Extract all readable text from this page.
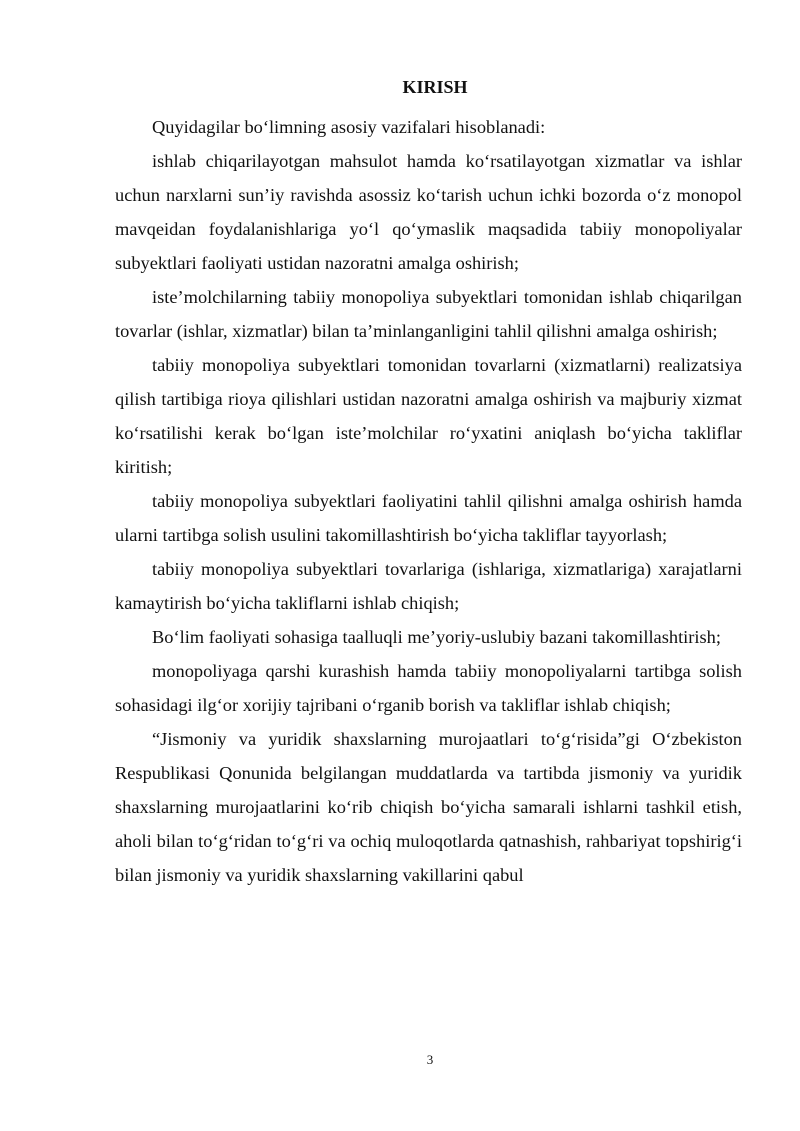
KIRISH

Quyidagilar bo‘limning asosiy vazifalari hisoblanadi:

ishlab chiqarilayotgan mahsulot hamda ko‘rsatilayotgan xizmatlar va ishlar uchun narxlarni sun’iy ravishda asossiz ko‘tarish uchun ichki bozorda o‘z monopol mavqeidan foydalanishlariga yo‘l qo‘ymaslik maqsadida tabiiy monopoliyalar subyektlari faoliyati ustidan nazoratni amalga oshirish;

iste’molchilarning tabiiy monopoliya subyektlari tomonidan ishlab chiqarilgan tovarlar (ishlar, xizmatlar) bilan ta’minlanganligini tahlil qilishni amalga oshirish;

tabiiy monopoliya subyektlari tomonidan tovarlarni (xizmatlarni) realizatsiya qilish tartibiga rioya qilishlari ustidan nazoratni amalga oshirish va majburiy xizmat ko‘rsatilishi kerak bo‘lgan iste’molchilar ro‘yxatini aniqlash bo‘yicha takliflar kiritish;

tabiiy monopoliya subyektlari faoliyatini tahlil qilishni amalga oshirish hamda ularni tartibga solish usulini takomillashtirish bo‘yicha takliflar tayyorlash;

tabiiy monopoliya subyektlari tovarlariga (ishlariga, xizmatlariga) xarajatlarni kamaytirish bo‘yicha takliflarni ishlab chiqish;

Bo‘lim faoliyati sohasiga taalluqli me’yoriy-uslubiy bazani takomillashtirish;

monopoliyaga qarshi kurashish hamda tabiiy monopoliyalarni tartibga solish sohasidagi ilg‘or xorijiy tajribani o‘rganib borish va takliflar ishlab chiqish;

“Jismoniy va yuridik shaxslarning murojaatlari to‘g‘risida”gi O‘zbekiston Respublikasi Qonunida belgilangan muddatlarda va tartibda jismoniy va yuridik shaxslarning murojaatlarini ko‘rib chiqish bo‘yicha samarali ishlarni tashkil etish, aholi bilan to‘g‘ridan to‘g‘ri va ochiq muloqotlarda qatnashish, rahbariyat topshirig‘i bilan jismoniy va yuridik shaxslarning vakillarini qabul

3
